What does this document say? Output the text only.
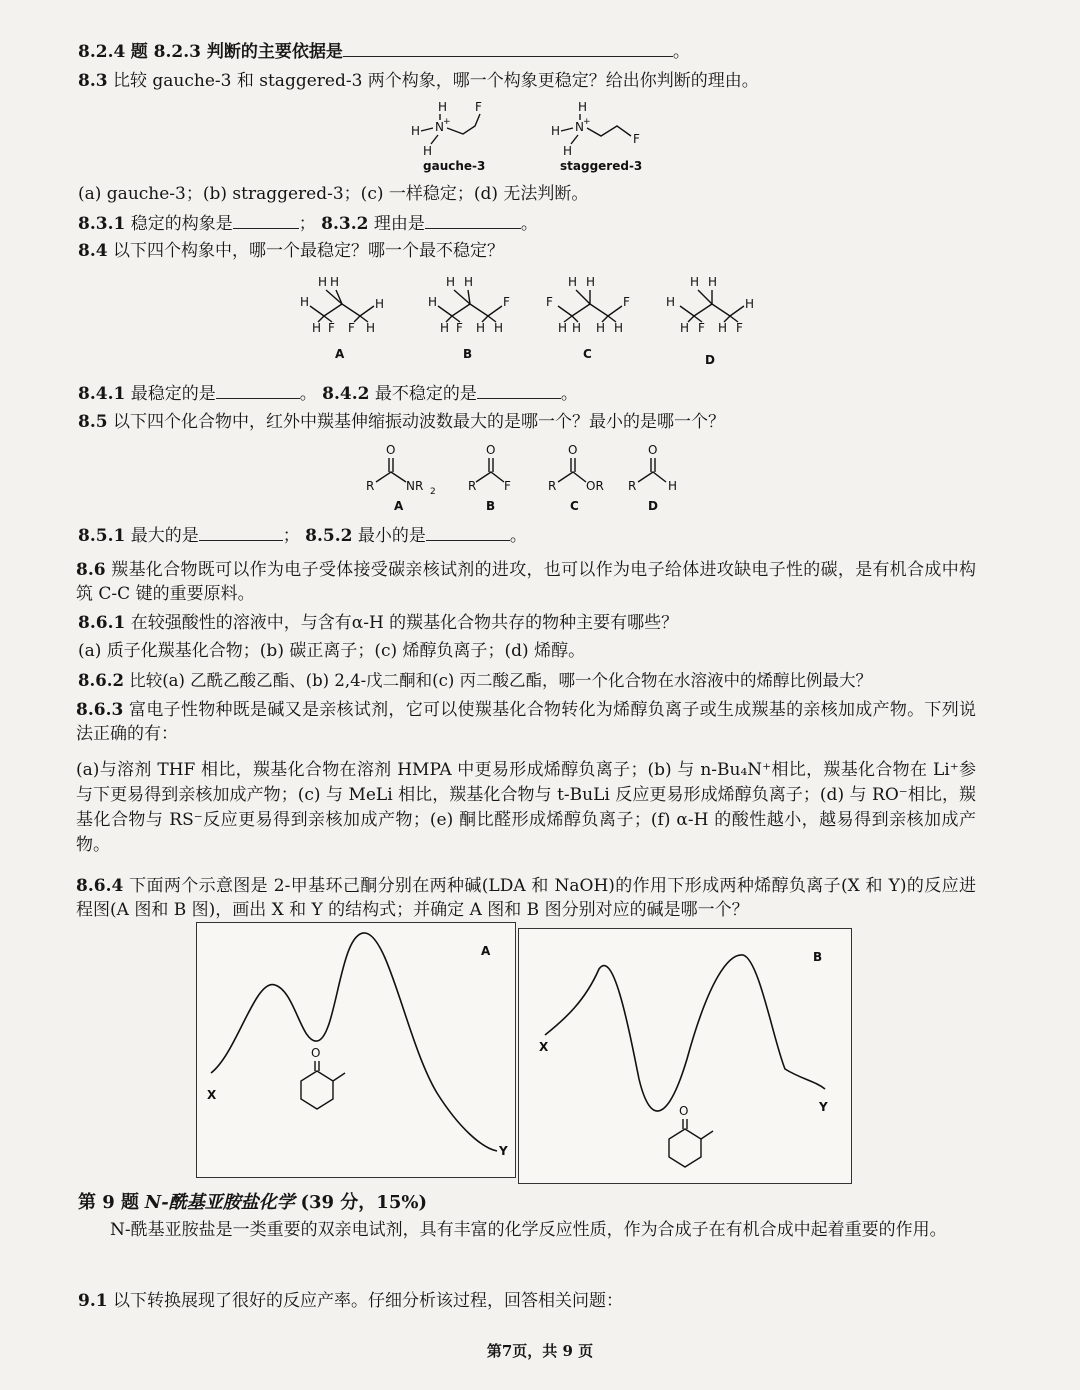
8.2.4 题 8.2.3 判断的主要依据是	。
8.3 比较 gauche-3 和 staggered-3 两个构象，哪一个构象更稳定？给出你判断的理由。
H F
N +
H
H
gauche-3
H
N +
H
H
F
staggered-3
(a) gauche-3；(b) straggered-3；(c) 一样稳定；(d) 无法判断。
8.3.1 稳定的构象是	； 8.3.2 理由是	。
8.4 以下四个构象中，哪一个最稳定？哪一个最不稳定？
H H
H	H
H F F H
A
H H
H	F
H F H H
B
H H
F	F
H H H H
C
H H
H	H
H F H F
D
8.4.1 最稳定的是	。 8.4.2 最不稳定的是	。
8.5 以下四个化合物中，红外中羰基伸缩振动波数最大的是哪一个？最小的是哪一个？
O
R	NR 2
A
O
R F
B
O
R OR
C
O
R	H
D
8.5.1 最大的是	； 8.5.2 最小的是	。
8.6 羰基化合物既可以作为电子受体接受碳亲核试剂的进攻，也可以作为电子给体进攻缺电子性的碳，是有机合成中构筑 C-C 键的重要原料。
8.6.1 在较强酸性的溶液中，与含有α-H 的羰基化合物共存的物种主要有哪些？
(a) 质子化羰基化合物；(b) 碳正离子；(c) 烯醇负离子；(d) 烯醇。
8.6.2 比较(a) 乙酰乙酸乙酯、(b) 2,4-戊二酮和(c) 丙二酸乙酯，哪一个化合物在水溶液中的烯醇比例最大？
8.6.3 富电子性物种既是碱又是亲核试剂，它可以使羰基化合物转化为烯醇负离子或生成羰基的亲核加成产物。下列说法正确的有：
(a)与溶剂 THF 相比，羰基化合物在溶剂 HMPA 中更易形成烯醇负离子；(b) 与 n-Bu₄N⁺相比，羰基化合物在 Li⁺参与下更易得到亲核加成产物；(c) 与 MeLi 相比，羰基化合物与 t-BuLi 反应更易形成烯醇负离子；(d) 与 RO⁻相比，羰基化合物与 RS⁻反应更易得到亲核加成产物；(e) 酮比醛形成烯醇负离子；(f) α-H 的酸性越小，越易得到亲核加成产物。
8.6.4 下面两个示意图是 2-甲基环己酮分别在两种碱(LDA 和 NaOH)的作用下形成两种烯醇负离子(X 和 Y)的反应进程图(A 图和 B 图)，画出 X 和 Y 的结构式；并确定 A 图和 B 图分别对应的碱是哪一个？
A
X
Y
O
B
X
Y
O
第 9 题 N-酰基亚胺盐化学 (39 分，15%)
N-酰基亚胺盐是一类重要的双亲电试剂，具有丰富的化学反应性质，作为合成子在有机合成中起着重要的作用。
9.1 以下转换展现了很好的反应产率。仔细分析该过程，回答相关问题：
第7页，共 9 页
